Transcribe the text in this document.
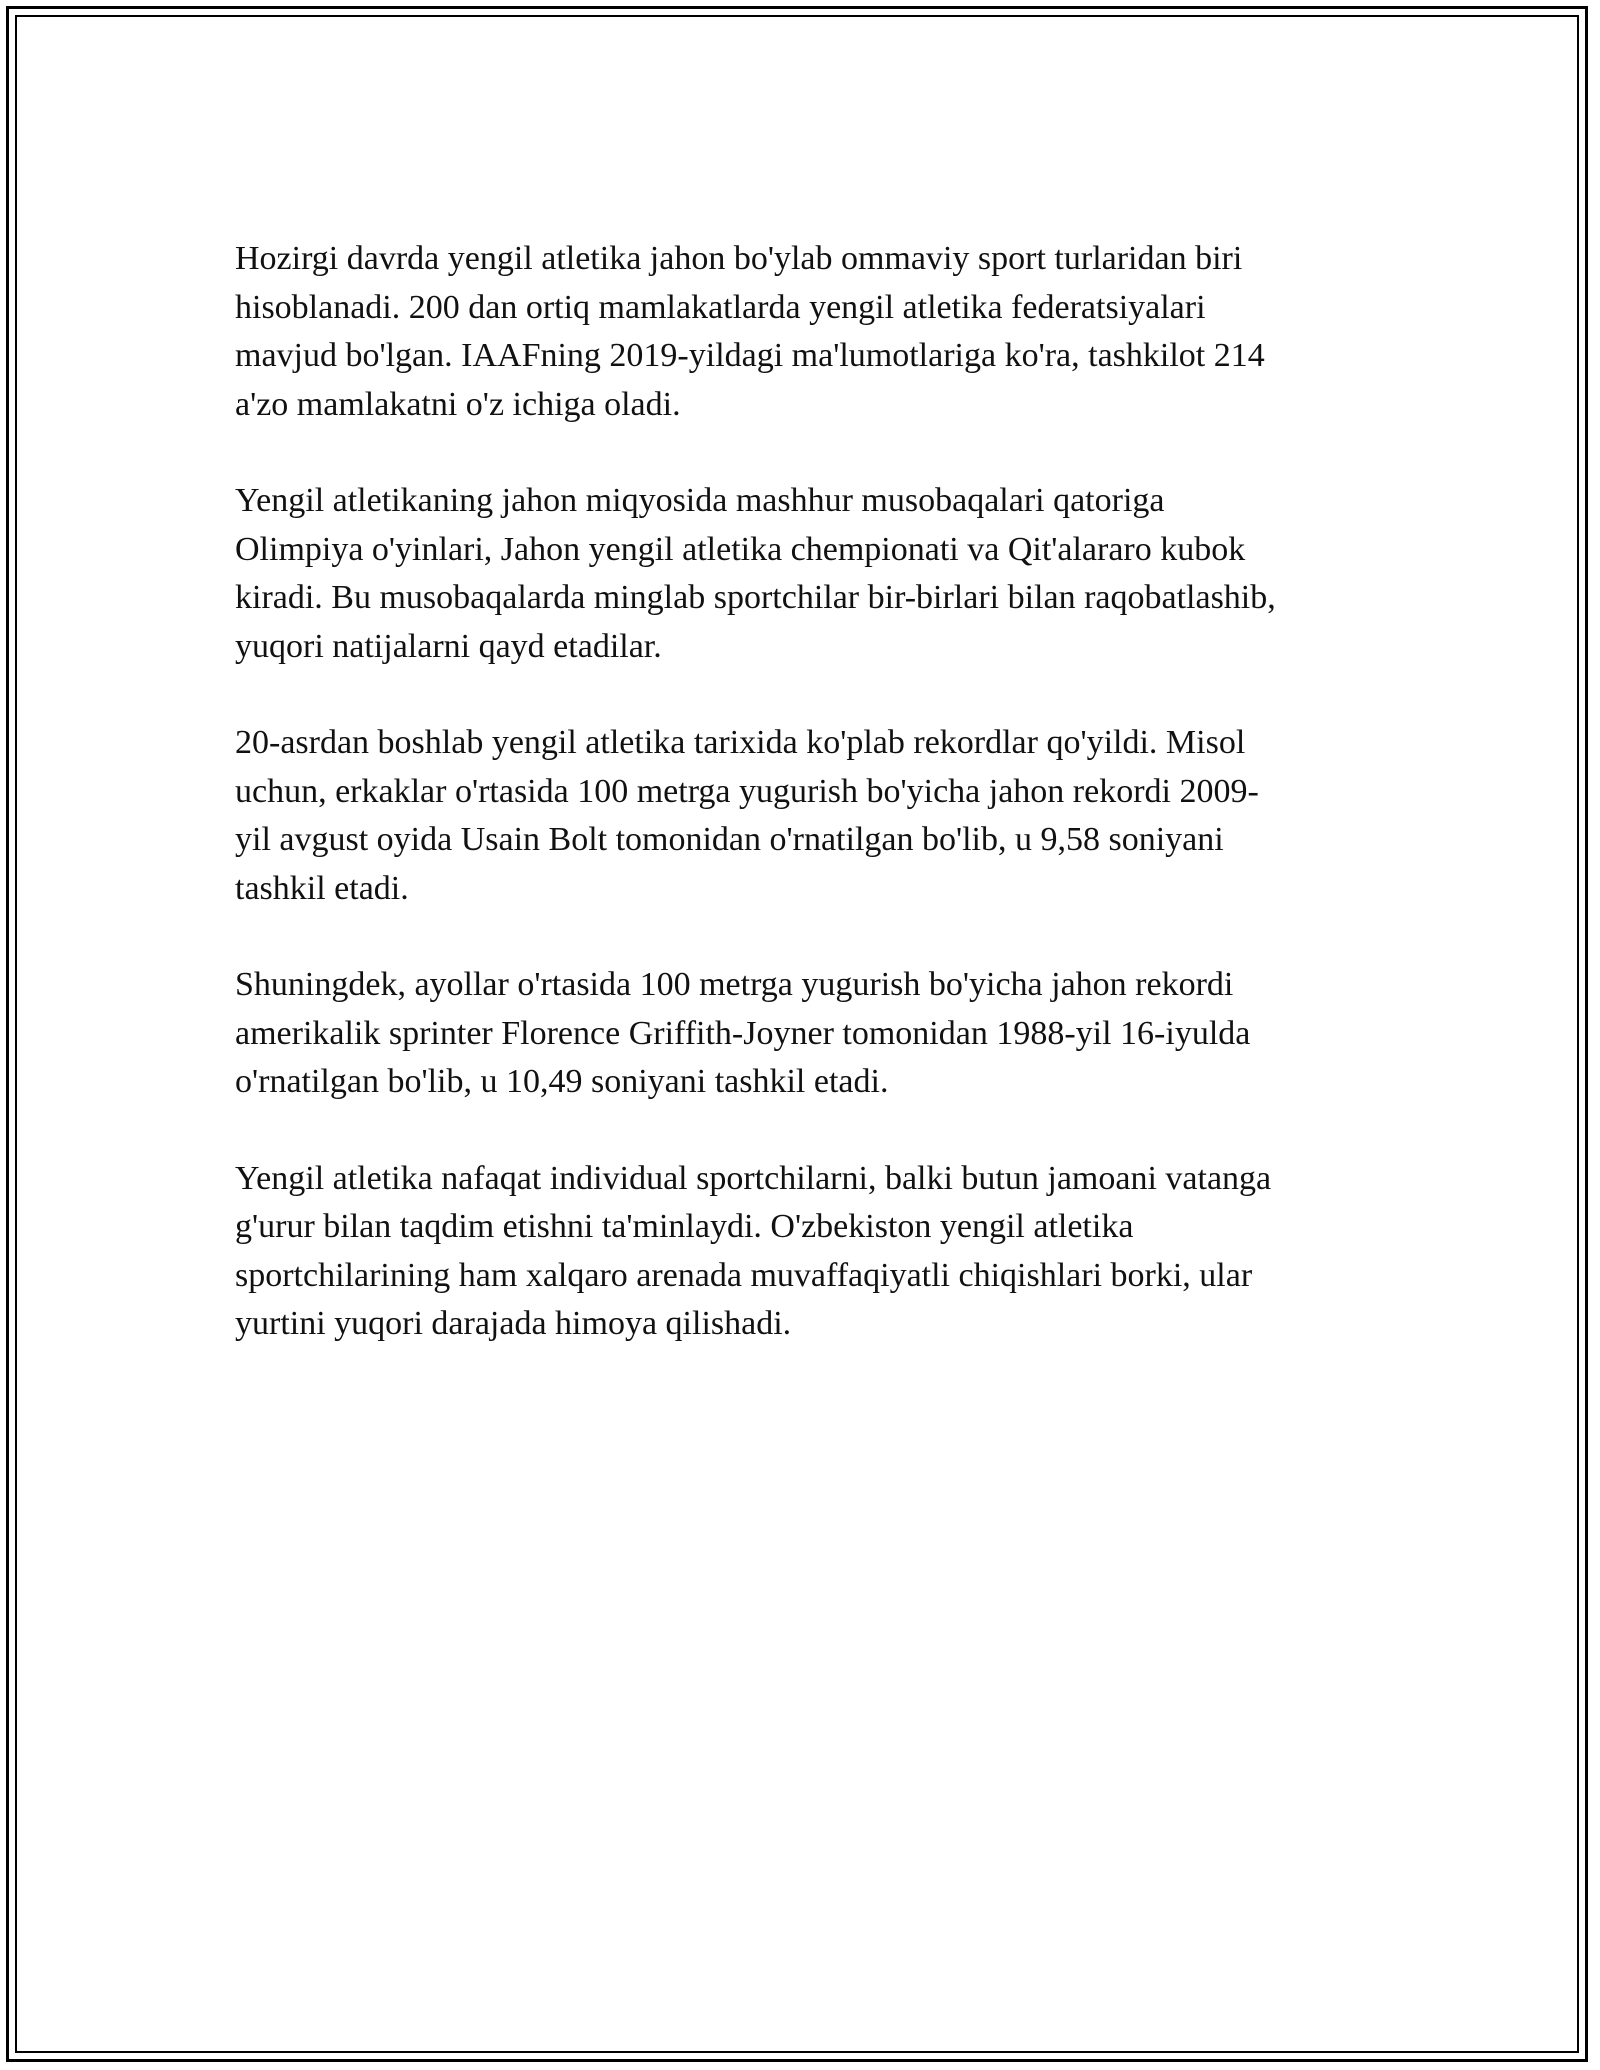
Hozirgi davrda yengil atletika jahon bo'ylab ommaviy sport turlaridan biri
hisoblanadi. 200 dan ortiq mamlakatlarda yengil atletika federatsiyalari
mavjud bo'lgan. IAAFning 2019-yildagi ma'lumotlariga ko'ra, tashkilot 214
a'zo mamlakatni o'z ichiga oladi.

Yengil atletikaning jahon miqyosida mashhur musobaqalari qatoriga
Olimpiya o'yinlari, Jahon yengil atletika chempionati va Qit'alararo kubok
kiradi. Bu musobaqalarda minglab sportchilar bir-birlari bilan raqobatlashib,
yuqori natijalarni qayd etadilar.

20-asrdan boshlab yengil atletika tarixida ko'plab rekordlar qo'yildi. Misol
uchun, erkaklar o'rtasida 100 metrga yugurish bo'yicha jahon rekordi 2009-
yil avgust oyida Usain Bolt tomonidan o'rnatilgan bo'lib, u 9,58 soniyani
tashkil etadi.

Shuningdek, ayollar o'rtasida 100 metrga yugurish bo'yicha jahon rekordi
amerikalik sprinter Florence Griffith-Joyner tomonidan 1988-yil 16-iyulda
o'rnatilgan bo'lib, u 10,49 soniyani tashkil etadi.

Yengil atletika nafaqat individual sportchilarni, balki butun jamoani vatanga
g'urur bilan taqdim etishni ta'minlaydi. O'zbekiston yengil atletika
sportchilarining ham xalqaro arenada muvaffaqiyatli chiqishlari borki, ular
yurtini yuqori darajada himoya qilishadi.
